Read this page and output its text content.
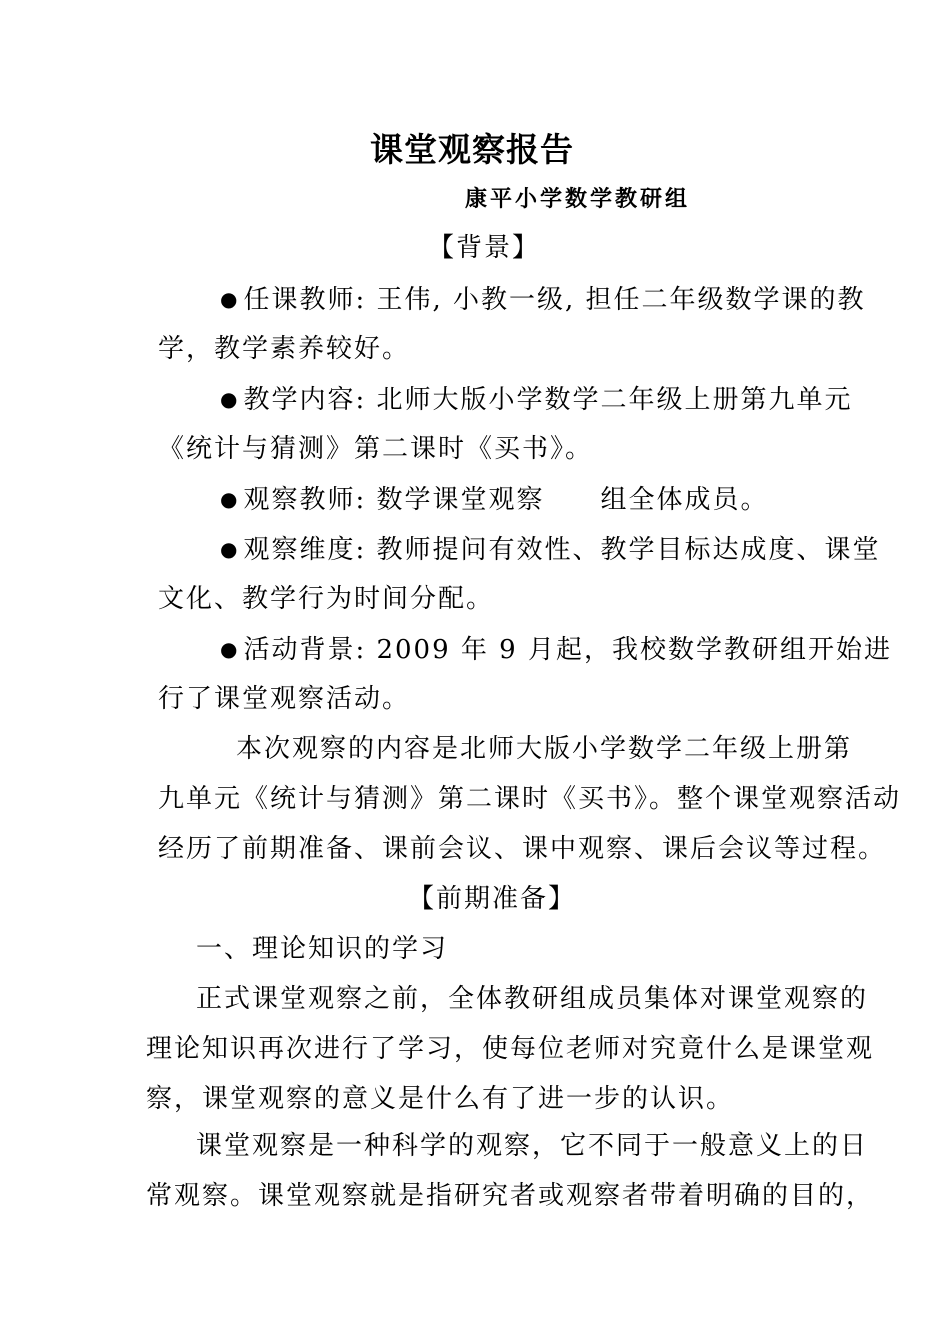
课堂观察报告
康平小学数学教研组
【背景】
● 任课教师: 王伟, 小教一级, 担任二年级数学课的教
学，教学素养较好。
● 教学内容: 北师大版小学数学二年级上册第九单元
《统计与猜测》第二课时《买书》。
● 观察教师: 数学课堂观察　　组全体成员。
● 观察维度: 教师提问有效性、教学目标达成度、课堂
文化、教学行为时间分配。
● 活动背景: 2009 年 9 月起，我校数学教研组开始进
行了课堂观察活动。
本次观察的内容是北师大版小学数学二年级上册第
九单元《统计与猜测》第二课时《买书》。整个课堂观察活动
经历了前期准备、课前会议、课中观察、课后会议等过程。
【前期准备】
一、理论知识的学习
正式课堂观察之前，全体教研组成员集体对课堂观察的
理论知识再次进行了学习，使每位老师对究竟什么是课堂观
察，课堂观察的意义是什么有了进一步的认识。
课堂观察是一种科学的观察，它不同于一般意义上的日
常观察。课堂观察就是指研究者或观察者带着明确的目的，
